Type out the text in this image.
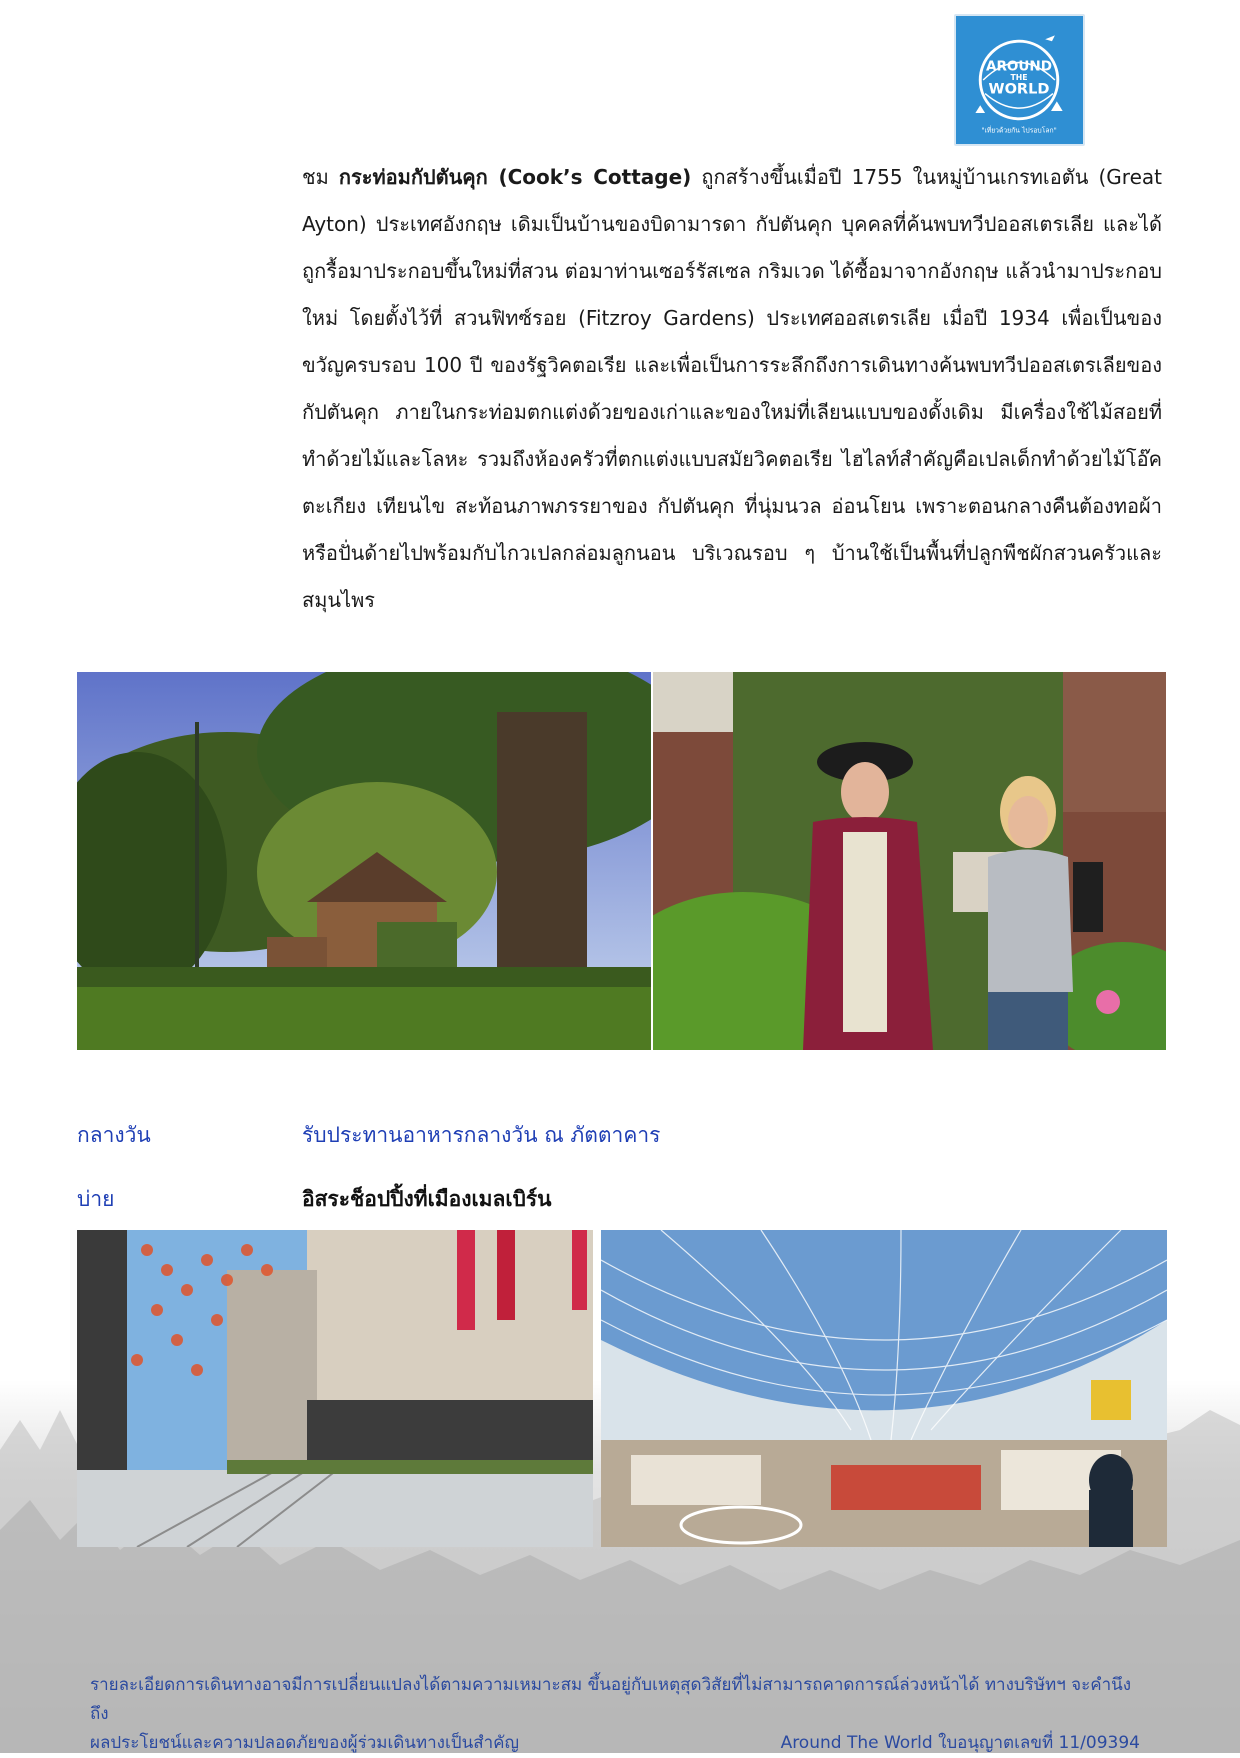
AROUND
THE
WORLD
"เที่ยวด้วยกัน ไปรอบโลก"
ชม กระท่อมกัปตันคุก (Cook’s Cottage) ถูกสร้างขึ้นเมื่อปี 1755 ในหมู่บ้านเกรทเอตัน (Great Ayton) ประเทศอังกฤษ เดิมเป็นบ้านของบิดามารดา กัปตันคุก บุคคลที่ค้นพบทวีปออสเตรเลีย และได้ถูกรื้อมาประกอบขึ้นใหม่ที่สวน ต่อมาท่านเซอร์รัสเซล กริมเวด ได้ซื้อมาจากอังกฤษ แล้วนำมาประกอบใหม่ โดยตั้งไว้ที่ สวนฟิทซ์รอย (Fitzroy Gardens) ประเทศออสเตรเลีย เมื่อปี 1934 เพื่อเป็นของขวัญครบรอบ 100 ปี ของรัฐวิคตอเรีย และเพื่อเป็นการระลึกถึงการเดินทางค้นพบทวีปออสเตรเลียของกัปตันคุก ภายในกระท่อมตกแต่งด้วยของเก่าและของใหม่ที่เลียนแบบของดั้งเดิม มีเครื่องใช้ไม้สอยที่ทำด้วยไม้และโลหะ รวมถึงห้องครัวที่ตกแต่งแบบสมัยวิคตอเรีย ไฮไลท์สำคัญคือเปลเด็กทำด้วยไม้โอ๊ค ตะเกียง เทียนไข สะท้อนภาพภรรยาของ กัปตันคุก ที่นุ่มนวล อ่อนโยน เพราะตอนกลางคืนต้องทอผ้า หรือปั่นด้ายไปพร้อมกับไกวเปลกล่อมลูกนอน บริเวณรอบ ๆ บ้านใช้เป็นพื้นที่ปลูกพืชผักสวนครัวและสมุนไพร
กลางวัน	รับประทานอาหารกลางวัน ณ ภัตตาคาร
บ่าย	อิสระช็อปปิ้งที่เมืองเมลเบิร์น
รายละเอียดการเดินทางอาจมีการเปลี่ยนแปลงได้ตามความเหมาะสม ขึ้นอยู่กับเหตุสุดวิสัยที่ไม่สามารถคาดการณ์ล่วงหน้าได้ ทางบริษัทฯ จะคำนึงถึง
ผลประโยชน์และความปลอดภัยของผู้ร่วมเดินทางเป็นสำคัญ	Around The World ใบอนุญาตเลขที่ 11/09394
